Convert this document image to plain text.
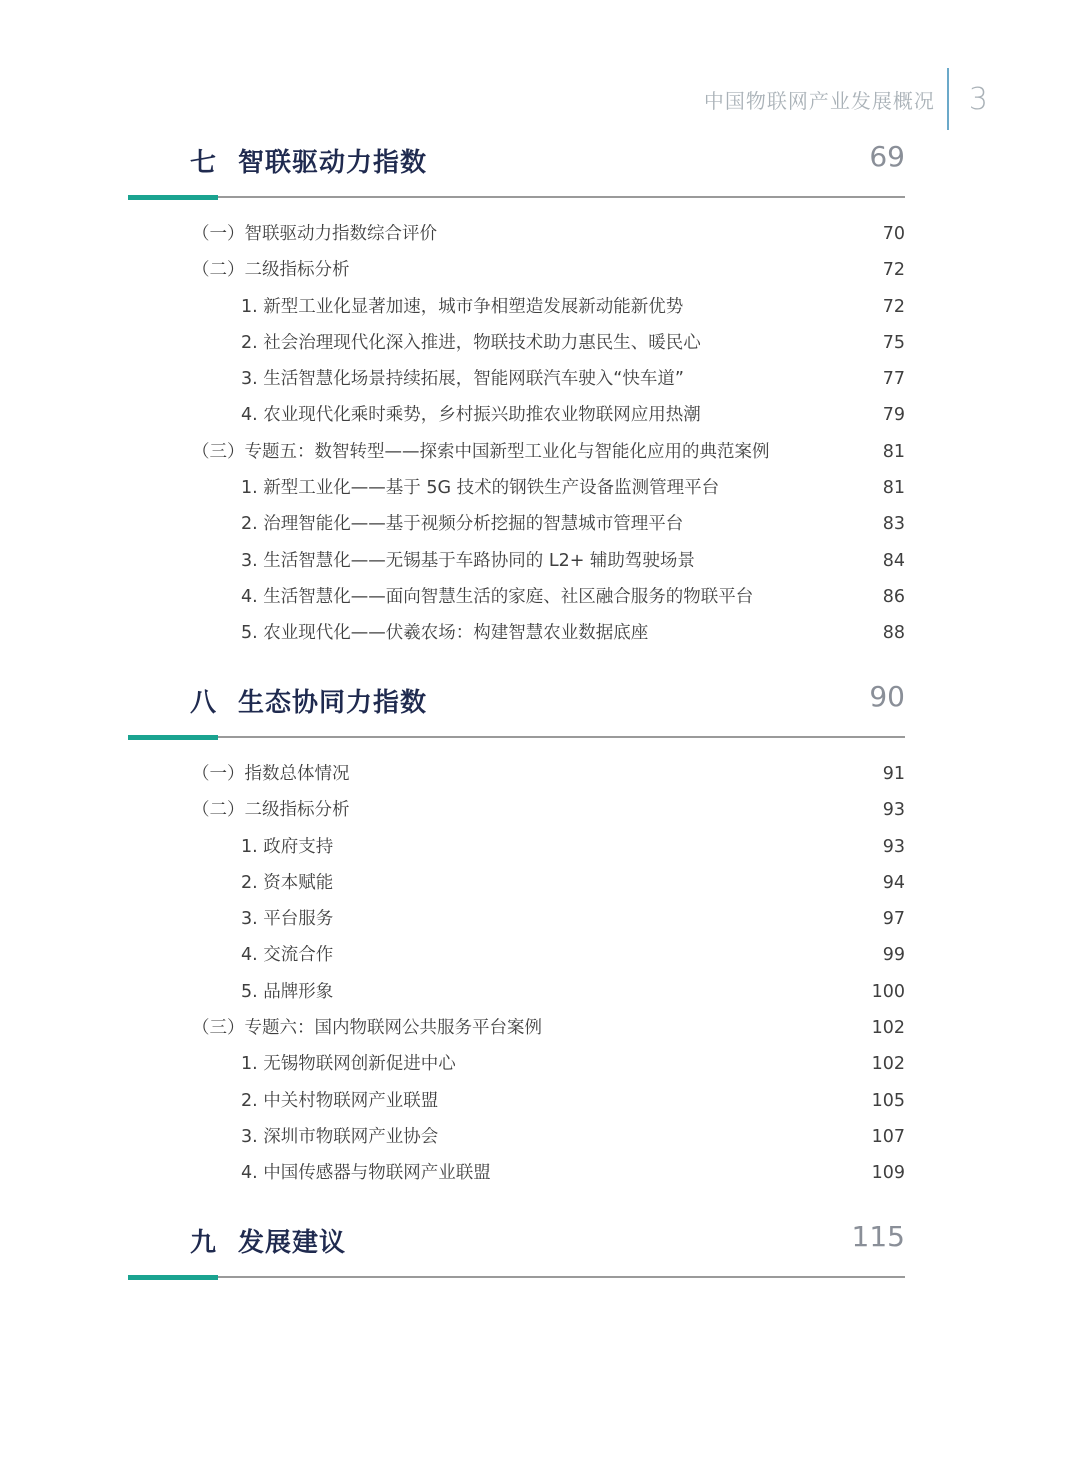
中国物联网产业发展概况 3
七 智联驱动力指数	69
（一）智联驱动力指数综合评价	70
（二）二级指标分析	72
1. 新型工业化显著加速，城市争相塑造发展新动能新优势	72
2. 社会治理现代化深入推进，物联技术助力惠民生、暖民心	75
3. 生活智慧化场景持续拓展，智能网联汽车驶入“快车道”	77
4. 农业现代化乘时乘势，乡村振兴助推农业物联网应用热潮	79
（三）专题五：数智转型——探索中国新型工业化与智能化应用的典范案例	81
1. 新型工业化——基于 5G 技术的钢铁生产设备监测管理平台	81
2. 治理智能化——基于视频分析挖掘的智慧城市管理平台	83
3. 生活智慧化——无锡基于车路协同的 L2+ 辅助驾驶场景	84
4. 生活智慧化——面向智慧生活的家庭、社区融合服务的物联平台	86
5. 农业现代化——伏羲农场：构建智慧农业数据底座	88
八 生态协同力指数	90
（一）指数总体情况	91
（二）二级指标分析	93
1. 政府支持	93
2. 资本赋能	94
3. 平台服务	97
4. 交流合作	99
5. 品牌形象	100
（三）专题六：国内物联网公共服务平台案例	102
1. 无锡物联网创新促进中心	102
2. 中关村物联网产业联盟	105
3. 深圳市物联网产业协会	107
4. 中国传感器与物联网产业联盟	109
九 发展建议	115
